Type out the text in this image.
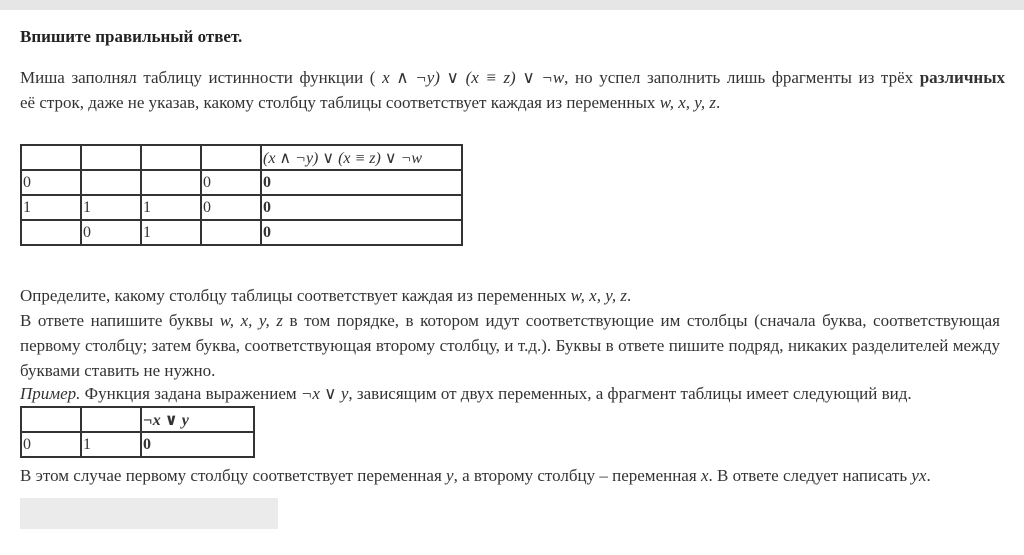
Впишите правильный ответ.
Миша заполнял таблицу истинности функции ( x ∧ ¬y) ∨ (x ≡ z) ∨ ¬w, но успел заполнить лишь фрагменты из трёх различных
её строк, даже не указав, какому столбцу таблицы соответствует каждая из переменных w, x, y, z.
				(x ∧ ¬y) ∨ (x ≡ z) ∨ ¬w
0			0	0
1	1	1	0	0
	0	1		0
Определите, какому столбцу таблицы соответствует каждая из переменных w, x, y, z.
В ответе напишите буквы w, x, y, z в том порядке, в котором идут соответствующие им столбцы (сначала буква, соответствующая первому столбцу; затем буква, соответствующая второму столбцу, и т.д.). Буквы в ответе пишите подряд, никаких разделителей между буквами ставить не нужно.
Пример. Функция задана выражением ¬x ∨ y, зависящим от двух переменных, а фрагмент таблицы имеет следующий вид.
		¬x ∨ y
0	1	0
В этом случае первому столбцу соответствует переменная y, а второму столбцу – переменная x. В ответе следует написать yx.
